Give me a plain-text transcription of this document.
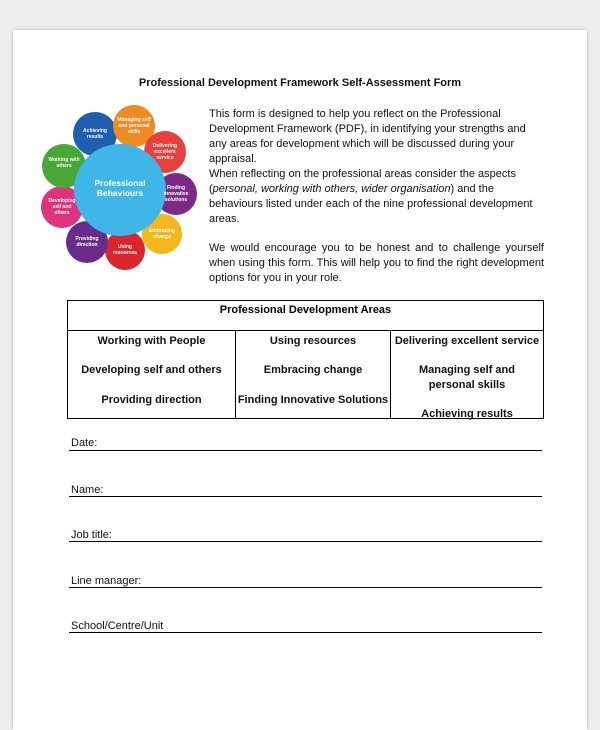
Professional Development Framework Self-Assessment Form
Professional Behaviours
Achieving results
Managing self and personal skills
Delivering excellent service
Finding innovative solutions
Embracing change
Using resources
Providing direction
Developing self and others
Working with others

This form is designed to help you reflect on the Professional Development Framework (PDF), in identifying your strengths and any areas for development which will be discussed during your appraisal.

When reflecting on the professional areas consider the aspects (personal, working with others, wider organisation) and the behaviours listed under each of the nine professional development areas.

We would encourage you to be honest and to challenge yourself when using this form. This will help you to find the right development options for you in your role.

Professional Development Areas
Working with People
Developing self and others
Providing direction
Using resources
Embracing change
Finding Innovative Solutions
Delivering excellent service
Managing self and personal skills
Achieving results
Date:
Name:
Job title:
Line manager:
School/Centre/Unit
